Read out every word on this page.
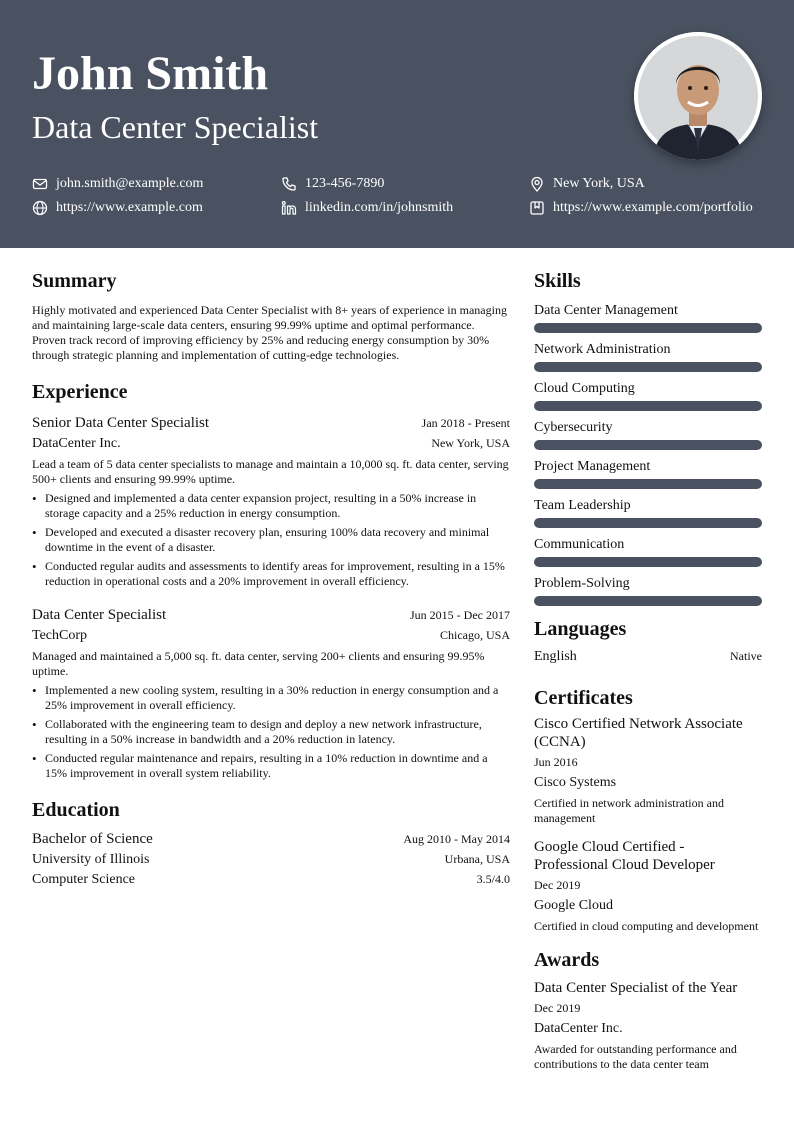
John Smith
Data Center Specialist
john.smith@example.com	123-456-7890	New York, USA
https://www.example.com	linkedin.com/in/johnsmith	https://www.example.com/portfolio
Summary

Highly motivated and experienced Data Center Specialist with 8+ years of experience in managing and maintaining large-scale data centers, ensuring 99.99% uptime and optimal performance. Proven track record of improving efficiency by 25% and reducing energy consumption by 30% through strategic planning and implementation of cutting-edge technologies.

Experience
Senior Data Center Specialist	Jan 2018 - Present
DataCenter Inc.	New York, USA

Lead a team of 5 data center specialists to manage and maintain a 10,000 sq. ft. data center, serving 500+ clients and ensuring 99.99% uptime.

• Designed and implemented a data center expansion project, resulting in a 50% increase in storage capacity and a 25% reduction in energy consumption.
• Developed and executed a disaster recovery plan, ensuring 100% data recovery and minimal downtime in the event of a disaster.
• Conducted regular audits and assessments to identify areas for improvement, resulting in a 15% reduction in operational costs and a 20% improvement in overall efficiency.
Data Center Specialist	Jun 2015 - Dec 2017
TechCorp	Chicago, USA

Managed and maintained a 5,000 sq. ft. data center, serving 200+ clients and ensuring 99.95% uptime.

• Implemented a new cooling system, resulting in a 30% reduction in energy consumption and a 25% improvement in overall efficiency.
• Collaborated with the engineering team to design and deploy a new network infrastructure, resulting in a 50% increase in bandwidth and a 20% reduction in latency.
• Conducted regular maintenance and repairs, resulting in a 10% reduction in downtime and a 15% improvement in overall system reliability.
Education
Bachelor of Science	Aug 2010 - May 2014
University of Illinois	Urbana, USA
Computer Science	3.5/4.0
Skills
Data Center Management
Network Administration
Cloud Computing
Cybersecurity
Project Management
Team Leadership
Communication
Problem-Solving
Languages
English	Native
Certificates
Cisco Certified Network Associate (CCNA)
Jun 2016
Cisco Systems
Certified in network administration and management
Google Cloud Certified - Professional Cloud Developer
Dec 2019
Google Cloud
Certified in cloud computing and development
Awards
Data Center Specialist of the Year
Dec 2019
DataCenter Inc.
Awarded for outstanding performance and contributions to the data center team
